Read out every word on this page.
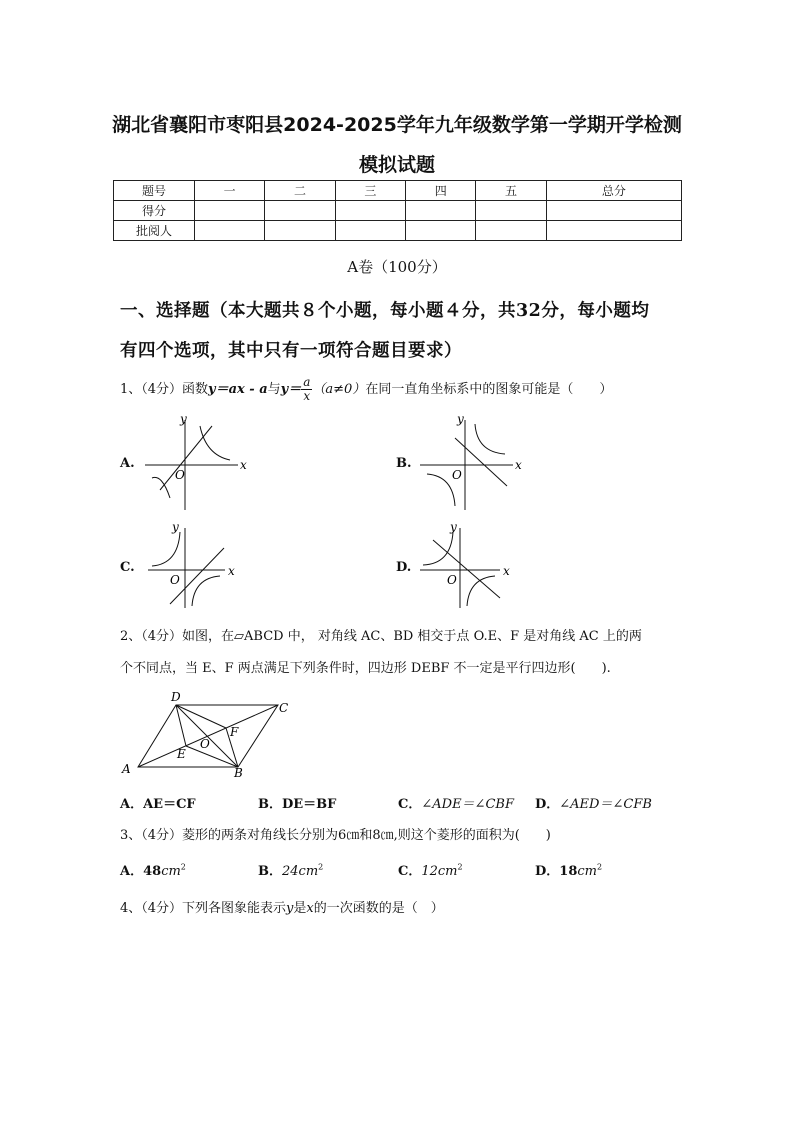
湖北省襄阳市枣阳县2024-2025学年九年级数学第一学期开学检测
模拟试题
题号	一	二	三	四	五	总分
得分						
批阅人						
A卷（100分）
一、选择题（本大题共８个小题，每小题４分，共32分，每小题均
有四个选项，其中只有一项符合题目要求）
1、（4分）函数y＝ax - a与$y= \frac{a}{x} (a\ne 0)$在同一直角坐标系中的图象可能是（　　）
A.	B.
C.	D.
x
y
O
x
y
O
x
y
O
x
y
O
2、（4分）如图，在▱ABCD 中， 对角线 AC、BD 相交于点 O.E、F 是对角线 AC 上的两
个不同点，当 E、F 两点满足下列条件时，四边形 DEBF 不一定是平行四边形(　　).
A	B
C
D
E
F
O
A．AE＝CF	B．DE＝BF	C．∠ADE＝∠CBF D．∠AED＝∠CFB
3、（4分）菱形的两条对角线长分别为6㎝和8㎝,则这个菱形的面积为(　　)
A．$48cm^2$	B．$24cm^2$	C．$12cm^2$	D．$18cm^2$
4、（4分）下列各图象能表示y是x的一次函数的是（　）
